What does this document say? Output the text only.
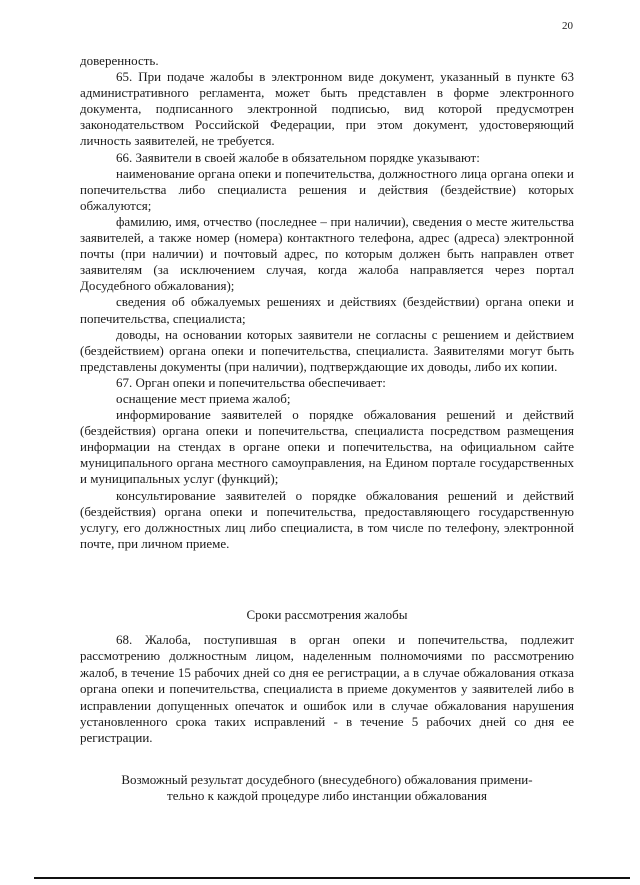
20

доверенность.

65. При подаче жалобы в электронном виде документ, указанный в пункте 63 административного регламента, может быть представлен в форме электронного документа, подписанного электронной подписью, вид которой предусмотрен законодательством Российской Федерации, при этом документ, удостоверяющий личность заявителей, не требуется.

66. Заявители в своей жалобе в обязательном порядке указывают:

наименование органа опеки и попечительства, должностного лица органа опеки и попечительства либо специалиста решения и действия (бездействие) которых обжалуются;

фамилию, имя, отчество (последнее – при наличии), сведения о месте жительства заявителей, а также номер (номера) контактного телефона, адрес (адреса) электронной почты (при наличии) и почтовый адрес, по которым должен быть направлен ответ заявителям (за исключением случая, когда жалоба направляется через портал Досудебного обжалования);

сведения об обжалуемых решениях и действиях (бездействии) органа опеки и попечительства, специалиста;

доводы, на основании которых заявители не согласны с решением и действием (бездействием) органа опеки и попечительства, специалиста. Заявителями могут быть представлены документы (при наличии), подтверждающие их доводы, либо их копии.

67. Орган опеки и попечительства обеспечивает:

оснащение мест приема жалоб;

информирование заявителей о порядке обжалования решений и действий (бездействия) органа опеки и попечительства, специалиста посредством размещения информации на стендах в органе опеки и попечительства, на официальном сайте муниципального органа местного самоуправления, на Едином портале государственных и муниципальных услуг (функций);

консультирование заявителей о порядке обжалования решений и действий (бездействия) органа опеки и попечительства, предоставляющего государственную услугу, его должностных лиц либо специалиста, в том числе по телефону, электронной почте, при личном приеме.

Сроки рассмотрения жалобы

68. Жалоба, поступившая в орган опеки и попечительства, подлежит рассмотрению должностным лицом, наделенным полномочиями по рассмотрению жалоб, в течение 15 рабочих дней со дня ее регистрации, а в случае обжалования отказа органа опеки и попечительства, специалиста в приеме документов у заявителей либо в исправлении допущенных опечаток и ошибок или в случае обжалования нарушения установленного срока таких исправлений - в течение 5 рабочих дней со дня ее регистрации.

Возможный результат досудебного (внесудебного) обжалования примени-
тельно к каждой процедуре либо инстанции обжалования
